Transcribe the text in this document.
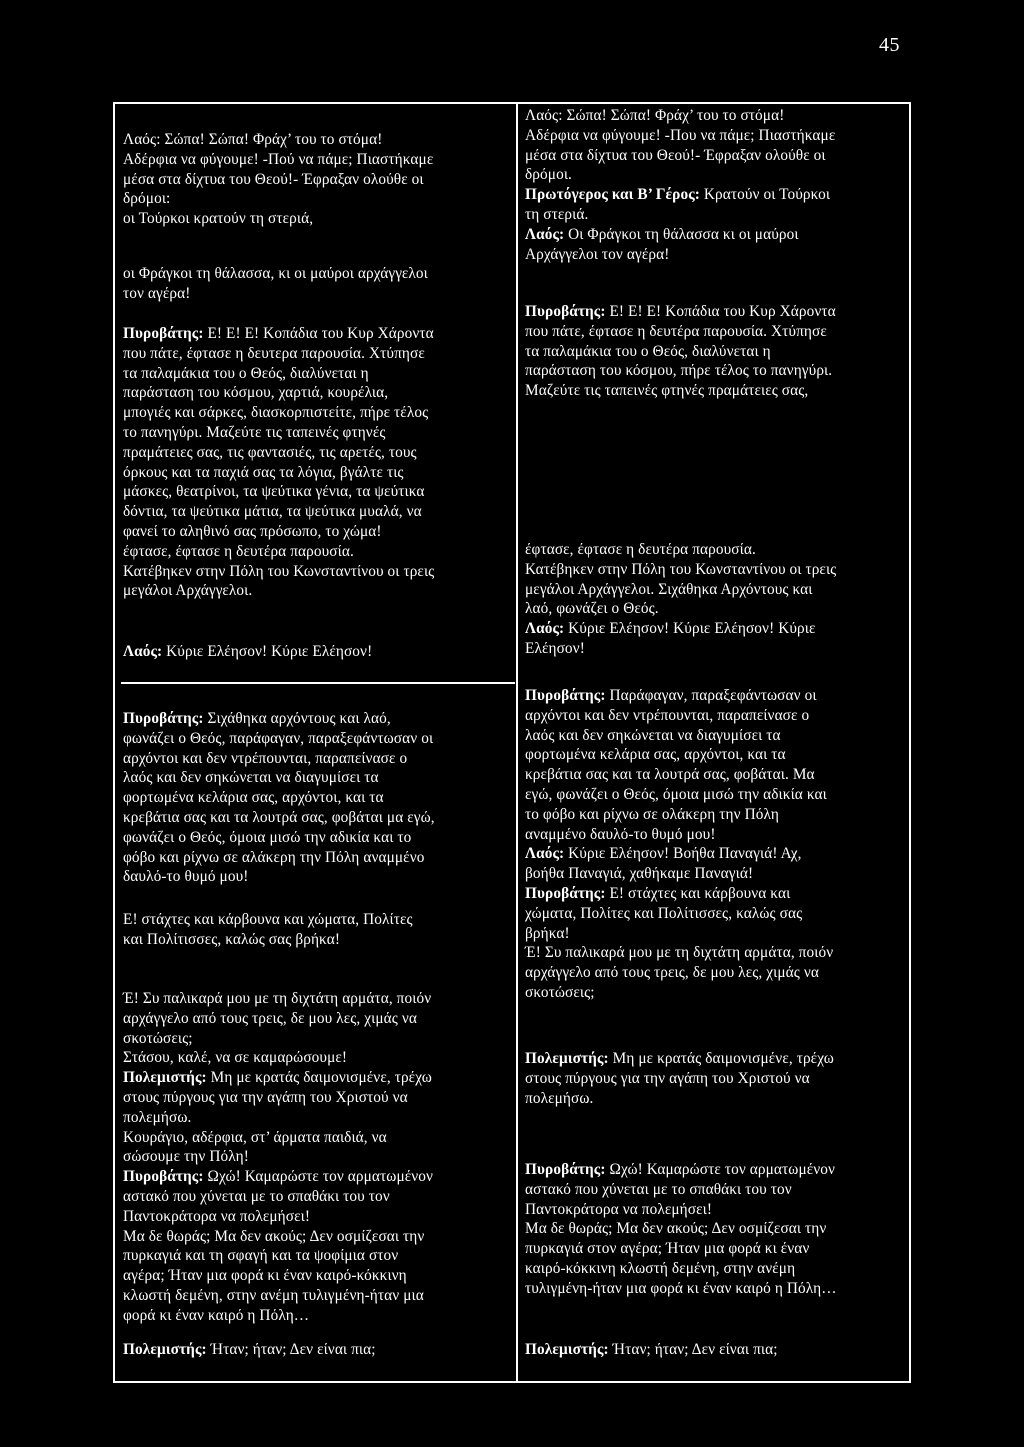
45

Λαός: Σώπα! Σώπα! Φράχ’ του το στόμα!

Αδέρφια να φύγουμε! -Πού να πάμε; Πιαστήκαμε

μέσα στα δίχτυα του Θεού!- Έφραξαν ολούθε οι

δρόμοι:

οι Τούρκοι κρατούν τη στεριά,

οι Φράγκοι τη θάλασσα, κι οι μαύροι αρχάγγελοι

τον αγέρα!

Πυροβάτης: Ε! Ε! Ε! Κοπάδια του Κυρ Χάροντα

που πάτε, έφτασε η δευτερα παρουσία. Χτύπησε

τα παλαμάκια του ο Θεός, διαλύνεται η

παράσταση του κόσμου, χαρτιά, κουρέλια,

μπογιές και σάρκες, διασκορπιστείτε, πήρε τέλος

το πανηγύρι. Μαζεύτε τις ταπεινές φτηνές

πραμάτειες σας, τις φαντασιές, τις αρετές, τους

όρκους και τα παχιά σας τα λόγια, βγάλτε τις

μάσκες, θεατρίνοι, τα ψεύτικα γένια, τα ψεύτικα

δόντια, τα ψεύτικα μάτια, τα ψεύτικα μυαλά, να

φανεί το αληθινό σας πρόσωπο, το χώμα!

έφτασε, έφτασε η δευτέρα παρουσία.

Κατέβηκεν στην Πόλη του Κωνσταντίνου οι τρεις

μεγάλοι Αρχάγγελοι.

Λαός: Κύριε Ελέησον! Κύριε Ελέησον!

Πυροβάτης: Σιχάθηκα αρχόντους και λαό,

φωνάζει ο Θεός, παράφαγαν, παραξεφάντωσαν οι

αρχόντοι και δεν ντρέπουνται, παραπείνασε ο

λαός και δεν σηκώνεται να διαγυμίσει τα

φορτωμένα κελάρια σας, αρχόντοι, και τα

κρεβάτια σας και τα λουτρά σας, φοβάται μα εγώ,

φωνάζει ο Θεός, όμοια μισώ την αδικία και το

φόβο και ρίχνω σε αλάκερη την Πόλη αναμμένο

δαυλό-το θυμό μου!

Ε! στάχτες και κάρβουνα και χώματα, Πολίτες

και Πολίτισσες, καλώς σας βρήκα!

Έ! Συ παλικαρά μου με τη διχτάτη αρμάτα, ποιόν

αρχάγγελο από τους τρεις, δε μου λες, χιμάς να

σκοτώσεις;

Στάσου, καλέ, να σε καμαρώσουμε!

Πολεμιστής: Μη με κρατάς δαιμονισμένε, τρέχω

στους πύργους για την αγάπη του Χριστού να

πολεμήσω.

Κουράγιο, αδέρφια, στ’ άρματα παιδιά, να

σώσουμε την Πόλη!

Πυροβάτης: Ωχώ! Καμαρώστε τον αρματωμένον

αστακό που χύνεται με το σπαθάκι του τον

Παντοκράτορα να πολεμήσει!

Μα δε θωράς; Μα δεν ακούς; Δεν οσμίζεσαι την

πυρκαγιά και τη σφαγή και τα ψοφίμια στον

αγέρα; Ήταν μια φορά κι έναν καιρό-κόκκινη

κλωστή δεμένη, στην ανέμη τυλιγμένη-ήταν μια

φορά κι έναν καιρό η Πόλη…

Πολεμιστής: Ήταν; ήταν; Δεν είναι πια;

Λαός: Σώπα! Σώπα! Φράχ’ του το στόμα!

Αδέρφια να φύγουμε! -Που να πάμε; Πιαστήκαμε

μέσα στα δίχτυα του Θεού!- Έφραξαν ολούθε οι

δρόμοι.

Πρωτόγερος και Β’ Γέρος: Κρατούν οι Τούρκοι

τη στεριά.

Λαός: Οι Φράγκοι τη θάλασσα κι οι μαύροι

Αρχάγγελοι τον αγέρα!

Πυροβάτης: Ε! Ε! Ε! Κοπάδια του Κυρ Χάροντα

που πάτε, έφτασε η δευτέρα παρουσία. Χτύπησε

τα παλαμάκια του ο Θεός, διαλύνεται η

παράσταση του κόσμου, πήρε τέλος το πανηγύρι.

Μαζεύτε τις ταπεινές φτηνές πραμάτειες σας,

έφτασε, έφτασε η δευτέρα παρουσία.

Κατέβηκεν στην Πόλη του Κωνσταντίνου οι τρεις

μεγάλοι Αρχάγγελοι. Σιχάθηκα Αρχόντους και

λαό, φωνάζει ο Θεός.

Λαός: Κύριε Ελέησον! Κύριε Ελέησον! Κύριε

Ελέησον!

Πυροβάτης: Παράφαγαν, παραξεφάντωσαν οι

αρχόντοι και δεν ντρέπουνται, παραπείνασε ο

λαός και δεν σηκώνεται να διαγυμίσει τα

φορτωμένα κελάρια σας, αρχόντοι, και τα

κρεβάτια σας και τα λουτρά σας, φοβάται. Μα

εγώ, φωνάζει ο Θεός, όμοια μισώ την αδικία και

το φόβο και ρίχνω σε ολάκερη την Πόλη

αναμμένο δαυλό-το θυμό μου!

Λαός: Κύριε Ελέησον! Βοήθα Παναγιά! Αχ,

βοήθα Παναγιά, χαθήκαμε Παναγιά!

Πυροβάτης: Ε! στάχτες και κάρβουνα και

χώματα, Πολίτες και Πολίτισσες, καλώς σας

βρήκα!

Έ! Συ παλικαρά μου με τη διχτάτη αρμάτα, ποιόν

αρχάγγελο από τους τρεις, δε μου λες, χιμάς να

σκοτώσεις;

Πολεμιστής: Μη με κρατάς δαιμονισμένε, τρέχω

στους πύργους για την αγάπη του Χριστού να

πολεμήσω.

Πυροβάτης: Ωχώ! Καμαρώστε τον αρματωμένον

αστακό που χύνεται με το σπαθάκι του τον

Παντοκράτορα να πολεμήσει!

Μα δε θωράς; Μα δεν ακούς; Δεν οσμίζεσαι την

πυρκαγιά στον αγέρα; Ήταν μια φορά κι έναν

καιρό-κόκκινη κλωστή δεμένη, στην ανέμη

τυλιγμένη-ήταν μια φορά κι έναν καιρό η Πόλη…

Πολεμιστής: Ήταν; ήταν; Δεν είναι πια;
